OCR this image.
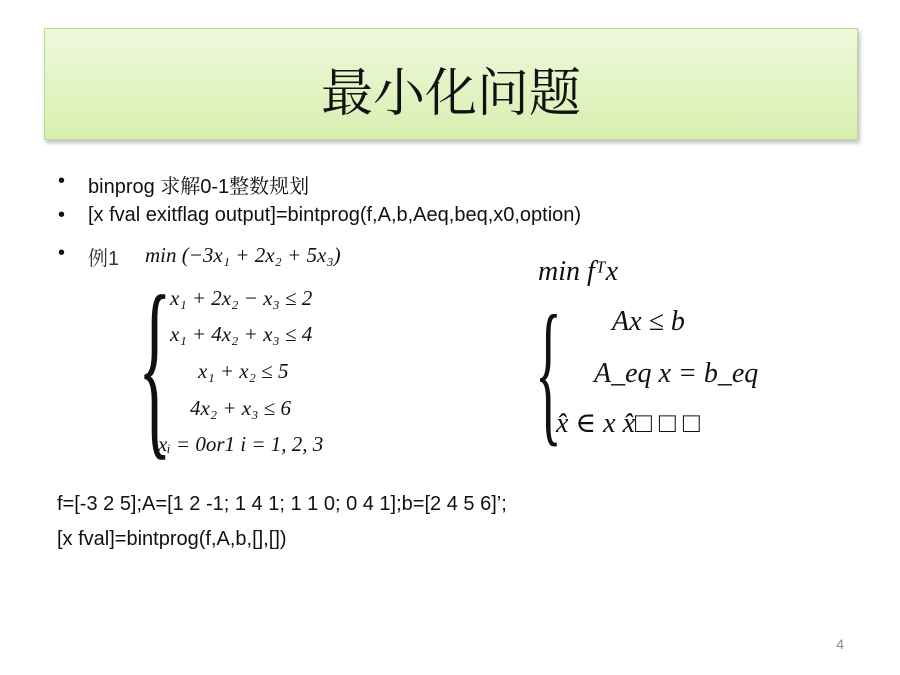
最小化问题
• binprog 求解0-1整数规划
• [x fval exitflag output]=bintprog(f,A,b,Aeq,beq,x0,option)
• 例1 min (−3x₁ + 2x₂ + 5x₃)
{
x₁ + 2x₂ − x₃ ≤ 2
x₁ + 4x₂ + x₃ ≤ 4
x₁ + x₂ ≤ 5
4x₂ + x₃ ≤ 6
xᵢ = 0or1 i = 1, 2, 3
min fᵀx
{ Ax ≤ b
A_eq x = b_eq
x̂ ∈ x x̂□ □ □
f=[-3 2 5];A=[1 2 -1; 1 4 1; 1 1 0; 0 4 1];b=[2 4 5 6]’;
[x fval]=bintprog(f,A,b,[],[])
4
